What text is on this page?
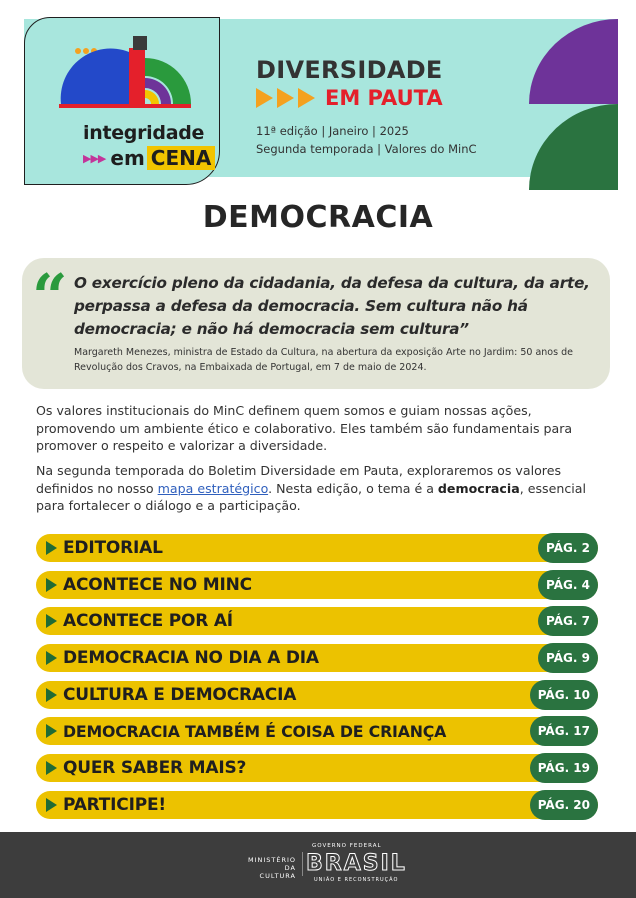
integridade
▶▶▶ em CENA
DIVERSIDADE
EM PAUTA
11ª edição | Janeiro | 2025
Segunda temporada | Valores do MinC
DEMOCRACIA
“ O exercício pleno da cidadania, da defesa da cultura, da arte, perpassa a defesa da democracia. Sem cultura não há democracia; e não há democracia sem cultura”
Margareth Menezes, ministra de Estado da Cultura, na abertura da exposição Arte no Jardim: 50 anos de Revolução dos Cravos, na Embaixada de Portugal, em 7 de maio de 2024.
Os valores institucionais do MinC definem quem somos e guiam nossas ações, promovendo um ambiente ético e colaborativo. Eles também são fundamentais para promover o respeito e valorizar a diversidade.
Na segunda temporada do Boletim Diversidade em Pauta, exploraremos os valores definidos no nosso mapa estratégico. Nesta edição, o tema é a democracia, essencial para fortalecer o diálogo e a participação.
EDITORIAL	PÁG. 2
ACONTECE NO MINC	PÁG. 4
ACONTECE POR AÍ	PÁG. 7
DEMOCRACIA NO DIA A DIA	PÁG. 9
CULTURA E DEMOCRACIA	PÁG. 10
DEMOCRACIA TAMBÉM É COISA DE CRIANÇA	PÁG. 17
QUER SABER MAIS?	PÁG. 19
PARTICIPE!	PÁG. 20
MINISTÉRIO DA
CULTURA
GOVERNO FEDERAL
BRASIL
UNIÃO E RECONSTRUÇÃO
